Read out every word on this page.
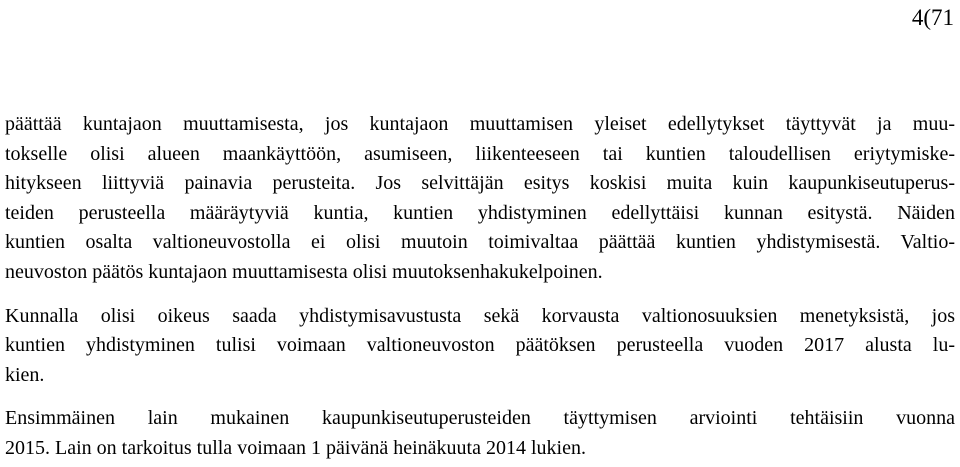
4(71

päättää kuntajaon muuttamisesta, jos kuntajaon muuttamisen yleiset edellytykset täyttyvät ja muu-
tokselle olisi alueen maankäyttöön, asumiseen, liikenteeseen tai kuntien taloudellisen eriytymiske-
hitykseen liittyviä painavia perusteita. Jos selvittäjän esitys koskisi muita kuin kaupunkiseutuperus-
teiden perusteella määräytyviä kuntia, kuntien yhdistyminen edellyttäisi kunnan esitystä. Näiden
kuntien osalta valtioneuvostolla ei olisi muutoin toimivaltaa päättää kuntien yhdistymisestä. Valtio-
neuvoston päätös kuntajaon muuttamisesta olisi muutoksenhakukelpoinen.

Kunnalla olisi oikeus saada yhdistymisavustusta sekä korvausta valtionosuuksien menetyksistä, jos
kuntien yhdistyminen tulisi voimaan valtioneuvoston päätöksen perusteella vuoden 2017 alusta lu-
kien.

Ensimmäinen lain mukainen kaupunkiseutuperusteiden täyttymisen arviointi tehtäisiin vuonna
2015. Lain on tarkoitus tulla voimaan 1 päivänä heinäkuuta 2014 lukien.
